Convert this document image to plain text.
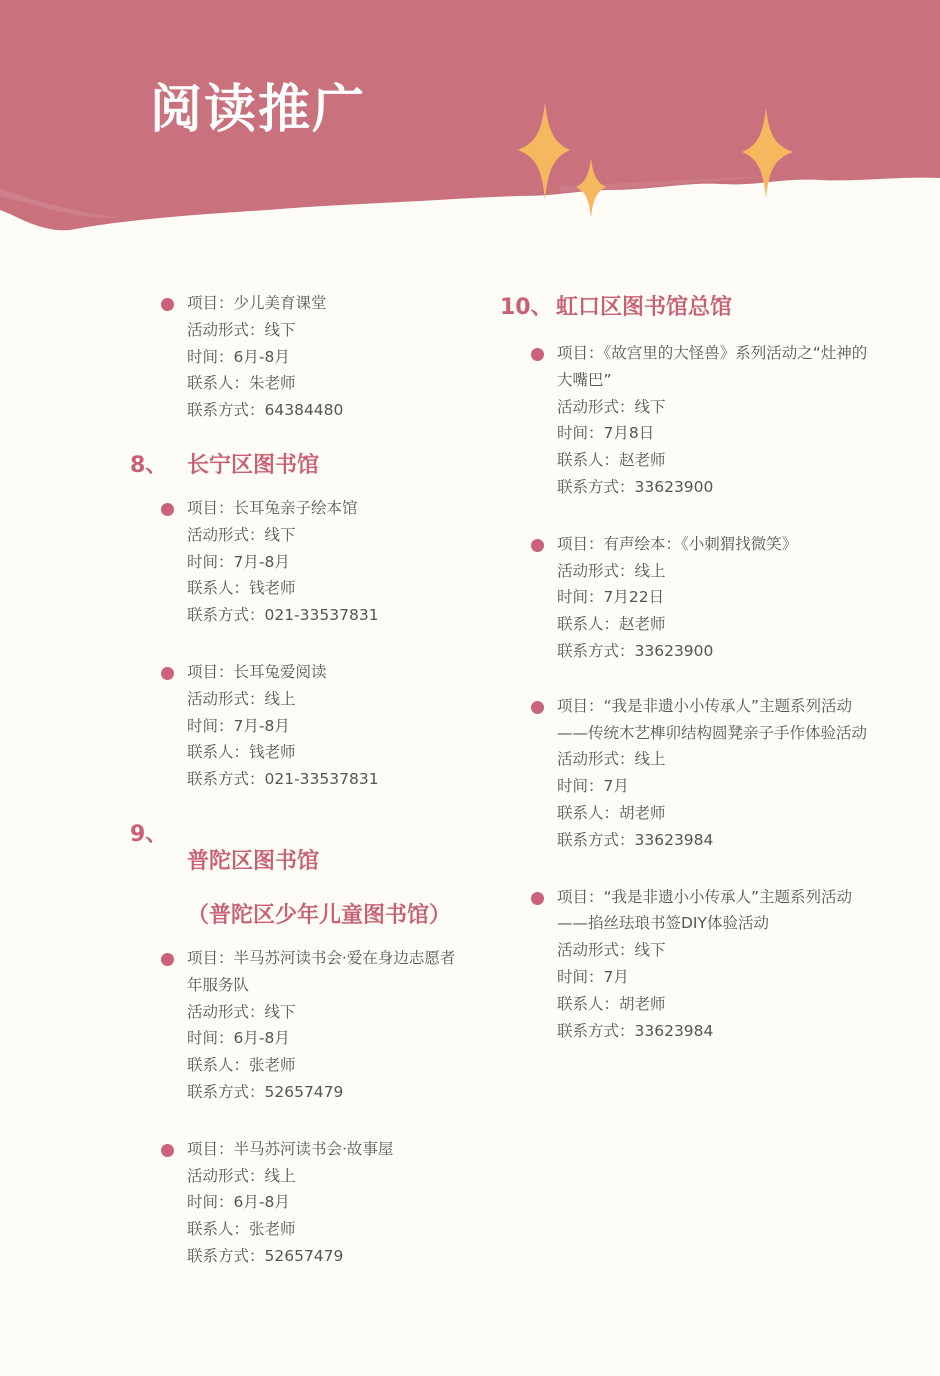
阅读推广
项目：少儿美育课堂
活动形式：线下
时间：6月-8月
联系人：朱老师
联系方式：64384480
8、 长宁区图书馆
项目：长耳兔亲子绘本馆
活动形式：线下
时间：7月-8月
联系人：钱老师
联系方式：021-33537831
项目：长耳兔爱阅读
活动形式：线上
时间：7月-8月
联系人：钱老师
联系方式：021-33537831
9、

普陀区图书馆

（普陀区少年儿童图书馆）

项目：半马苏河读书会·爱在身边志愿者年服务队
活动形式：线下
时间：6月-8月
联系人：张老师
联系方式：52657479
项目：半马苏河读书会·故事屋
活动形式：线上
时间：6月-8月
联系人：张老师
联系方式：52657479
10、 虹口区图书馆总馆
项目：《故宫里的大怪兽》系列活动之“灶神的大嘴巴”
活动形式：线下
时间：7月8日
联系人：赵老师
联系方式：33623900
项目：有声绘本：《小刺猬找微笑》
活动形式：线上
时间：7月22日
联系人：赵老师
联系方式：33623900
项目：“我是非遗小小传承人”主题系列活动——传统木艺榫卯结构圆凳亲子手作体验活动
活动形式：线上
时间：7月
联系人：胡老师
联系方式：33623984
项目：“我是非遗小小传承人”主题系列活动——掐丝珐琅书签DIY体验活动
活动形式：线下
时间：7月
联系人：胡老师
联系方式：33623984
